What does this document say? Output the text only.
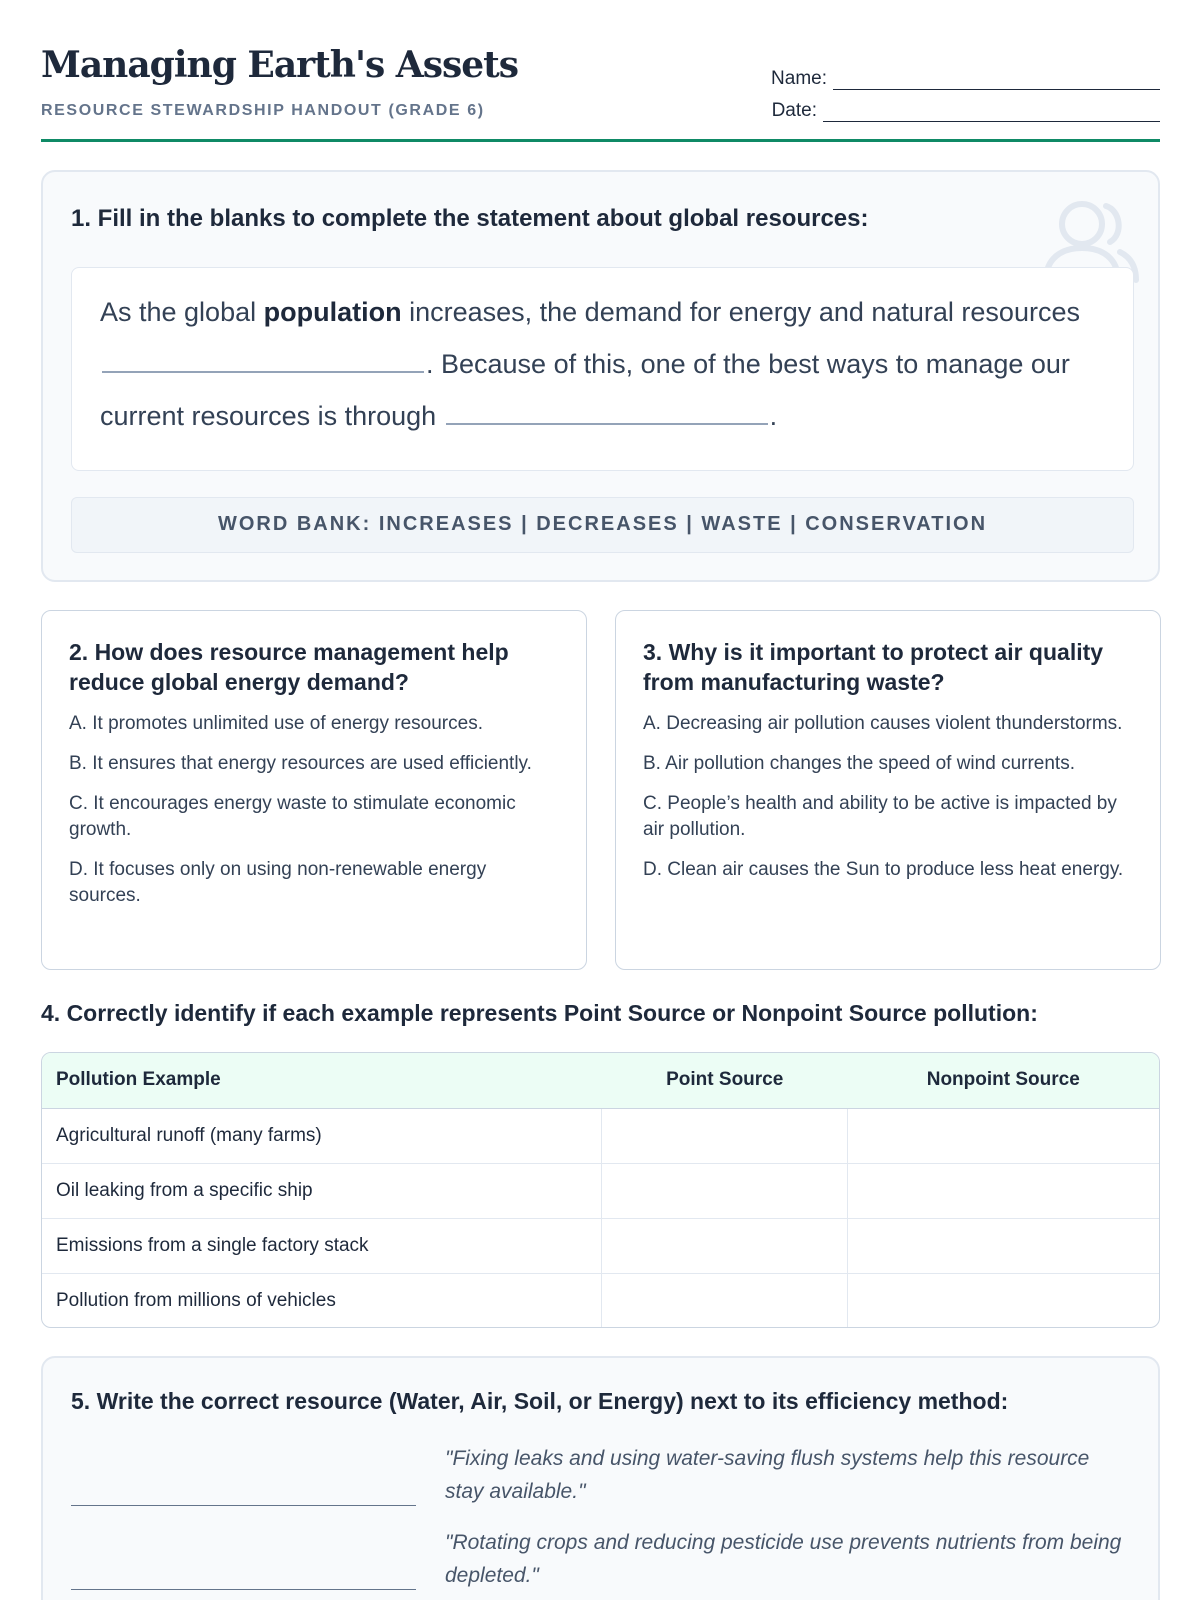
Managing Earth's Assets
RESOURCE STEWARDSHIP HANDOUT (GRADE 6)
Name:
Date:
1. Fill in the blanks to complete the statement about global resources:
As the global population increases, the demand for energy and natural resources . Because of this, one of the best ways to manage our current resources is through	.
WORD BANK: INCREASES | DECREASES | WASTE | CONSERVATION
2. How does resource management help reduce global energy demand?
A. It promotes unlimited use of energy resources.
B. It ensures that energy resources are used efficiently.
C. It encourages energy waste to stimulate economic growth.
D. It focuses only on using non-renewable energy sources.
3. Why is it important to protect air quality from manufacturing waste?
A. Decreasing air pollution causes violent thunderstorms.
B. Air pollution changes the speed of wind currents.
C. People’s health and ability to be active is impacted by air pollution.
D. Clean air causes the Sun to produce less heat energy.
4. Correctly identify if each example represents Point Source or Nonpoint Source pollution:
Pollution Example	Point Source	Nonpoint Source
Agricultural runoff (many farms)		
Oil leaking from a specific ship		
Emissions from a single factory stack		
Pollution from millions of vehicles		
5. Write the correct resource (Water, Air, Soil, or Energy) next to its efficiency method:
"Fixing leaks and using water-saving flush systems help this resource stay available."
"Rotating crops and reducing pesticide use prevents nutrients from being depleted."
